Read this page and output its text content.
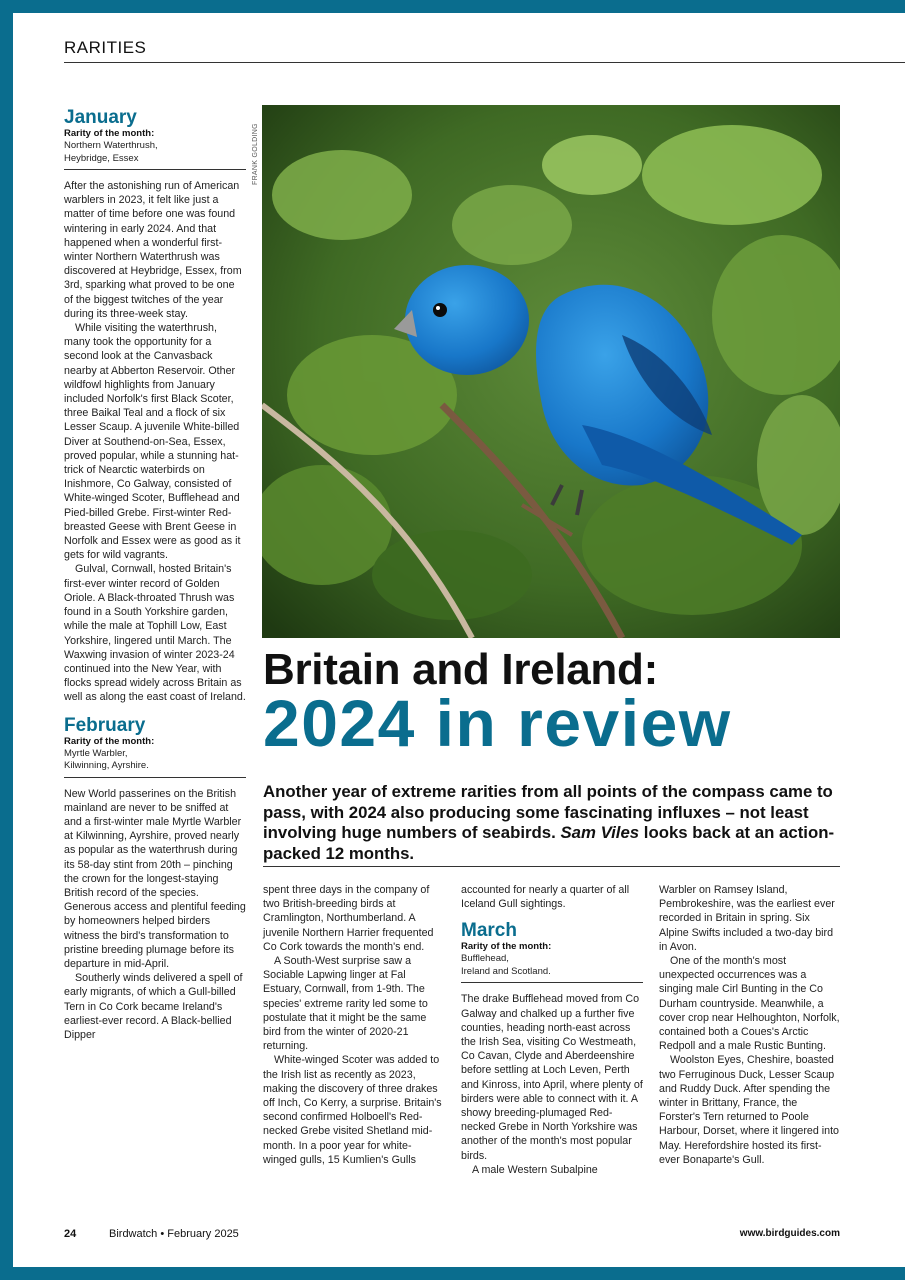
RARITIES
January
Rarity of the month:
Northern Waterthrush,
Heybridge, Essex

After the astonishing run of American warblers in 2023, it felt like just a matter of time before one was found wintering in early 2024. And that happened when a wonderful first-winter Northern Waterthrush was discovered at Heybridge, Essex, from 3rd, sparking what proved to be one of the biggest twitches of the year during its three-week stay.

While visiting the waterthrush, many took the opportunity for a second look at the Canvasback nearby at Abberton Reservoir. Other wildfowl highlights from January included Norfolk's first Black Scoter, three Baikal Teal and a flock of six Lesser Scaup. A juvenile White-billed Diver at Southend-on-Sea, Essex, proved popular, while a stunning hat-trick of Nearctic waterbirds on Inishmore, Co Galway, consisted of White-winged Scoter, Bufflehead and Pied-billed Grebe. First-winter Red-breasted Geese with Brent Geese in Norfolk and Essex were as good as it gets for wild vagrants.

Gulval, Cornwall, hosted Britain's first-ever winter record of Golden Oriole. A Black-throated Thrush was found in a South Yorkshire garden, while the male at Tophill Low, East Yorkshire, lingered until March. The Waxwing invasion of winter 2023-24 continued into the New Year, with flocks spread widely across Britain as well as along the east coast of Ireland.

February
Rarity of the month:
Myrtle Warbler,
Kilwinning, Ayrshire.

New World passerines on the British mainland are never to be sniffed at and a first-winter male Myrtle Warbler at Kilwinning, Ayrshire, proved nearly as popular as the waterthrush during its 58-day stint from 20th – pinching the crown for the longest-staying British record of the species. Generous access and plentiful feeding by homeowners helped birders witness the bird's transformation to pristine breeding plumage before its departure in mid-April.

Southerly winds delivered a spell of early migrants, of which a Gull-billed Tern in Co Cork became Ireland's earliest-ever record. A Black-bellied Dipper

FRANK GOLDING
Britain and Ireland:
2024 in review
Another year of extreme rarities from all points of the compass came to pass, with 2024 also producing some fascinating influxes – not least involving huge numbers of seabirds. Sam Viles looks back at an action-packed 12 months.

spent three days in the company of two British-breeding birds at Cramlington, Northumberland. A juvenile Northern Harrier frequented Co Cork towards the month's end.

A South-West surprise saw a Sociable Lapwing linger at Fal Estuary, Cornwall, from 1-9th. The species' extreme rarity led some to postulate that it might be the same bird from the winter of 2020-21 returning.

White-winged Scoter was added to the Irish list as recently as 2023, making the discovery of three drakes off Inch, Co Kerry, a surprise. Britain's second confirmed Holboell's Red-necked Grebe visited Shetland mid-month. In a poor year for white-winged gulls, 15 Kumlien's Gulls

accounted for nearly a quarter of all Iceland Gull sightings.

March
Rarity of the month:
Bufflehead,
Ireland and Scotland.

The drake Bufflehead moved from Co Galway and chalked up a further five counties, heading north-east across the Irish Sea, visiting Co Westmeath, Co Cavan, Clyde and Aberdeenshire before settling at Loch Leven, Perth and Kinross, into April, where plenty of birders were able to connect with it. A showy breeding-plumaged Red-necked Grebe in North Yorkshire was another of the month's most popular birds.

A male Western Subalpine

Warbler on Ramsey Island, Pembrokeshire, was the earliest ever recorded in Britain in spring. Six Alpine Swifts included a two-day bird in Avon.

One of the month's most unexpected occurrences was a singing male Cirl Bunting in the Co Durham countryside. Meanwhile, a cover crop near Helhoughton, Norfolk, contained both a Coues's Arctic Redpoll and a male Rustic Bunting.

Woolston Eyes, Cheshire, boasted two Ferruginous Duck, Lesser Scaup and Ruddy Duck. After spending the winter in Brittany, France, the Forster's Tern returned to Poole Harbour, Dorset, where it lingered into May. Herefordshire hosted its first-ever Bonaparte's Gull.

24	Birdwatch • February 2025	www.birdguides.com
